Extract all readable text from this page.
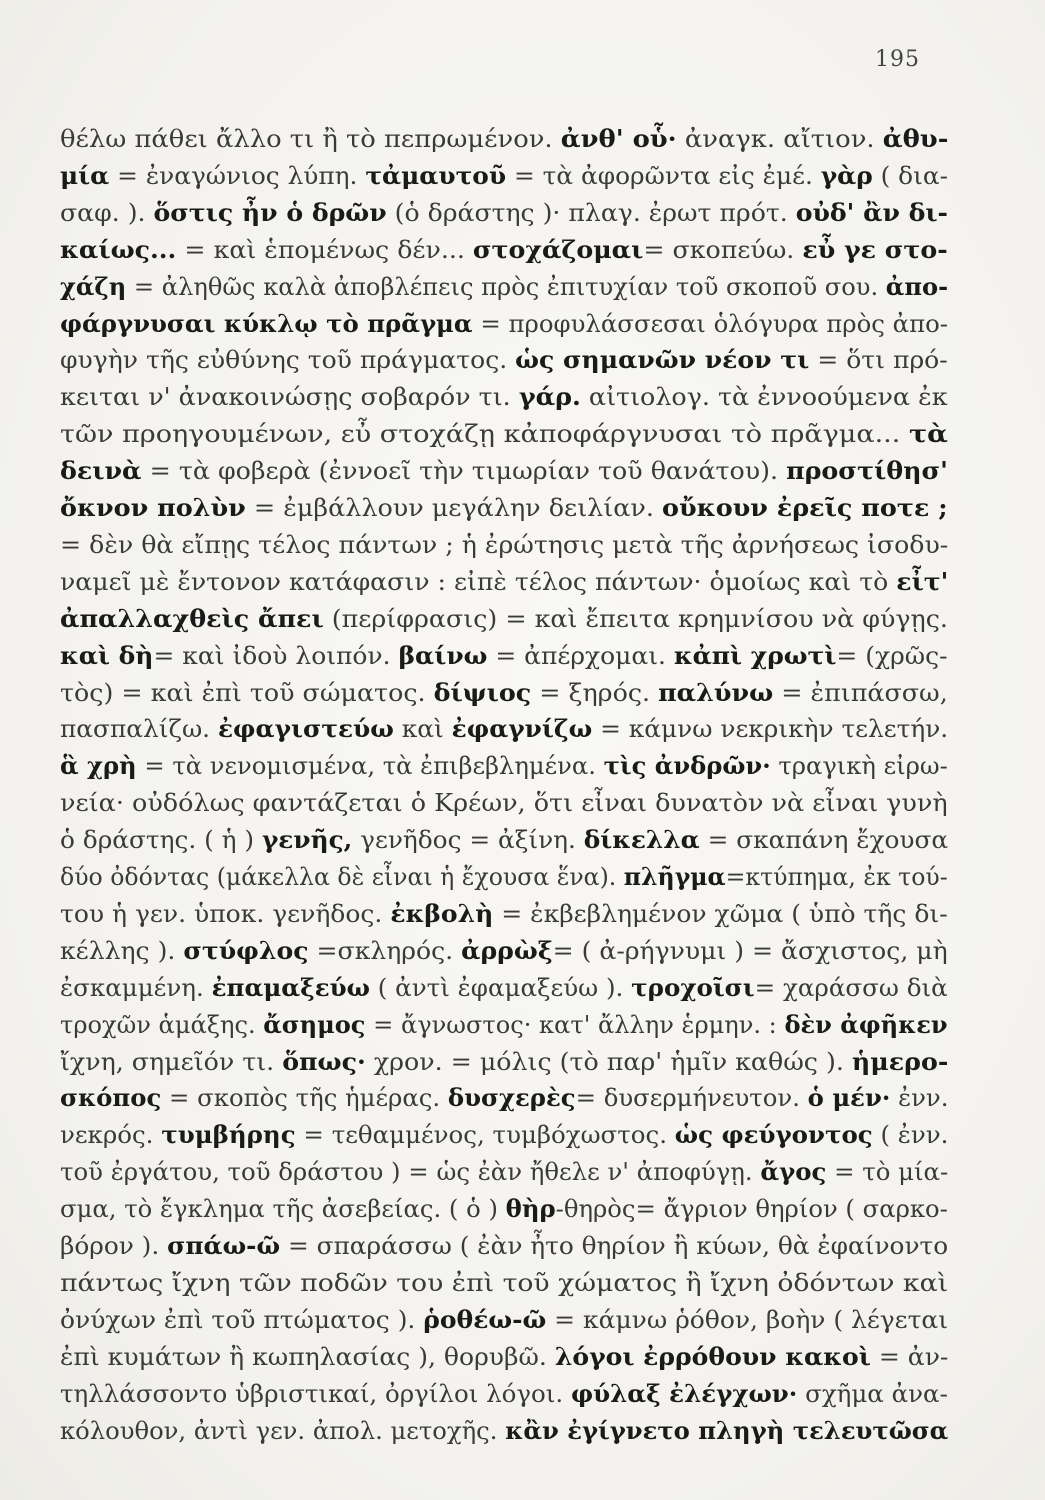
195
θέλω πάθει ἄλλο τι ἢ τὸ πεπρωμένον. ἀνθ' οὗ· ἀναγκ. αἴτιον. ἀθυ-
μία = ἐναγώνιος λύπη. τἀμαυτοῦ = τὰ ἀφορῶντα εἰς ἐμέ. γὰρ ( δια-
σαφ. ). ὅστις ἦν ὁ δρῶν (ὁ δράστης )· πλαγ. ἐρωτ πρότ. οὐδ' ἂν δι-
καίως... = καὶ ἑπομένως δέν... στοχάζομαι= σκοπεύω. εὖ γε στο-
χάζη = ἀληθῶς καλὰ ἀποβλέπεις πρὸς ἐπιτυχίαν τοῦ σκοποῦ σου. ἀπο-
φάργνυσαι κύκλῳ τὸ πρᾶγμα = προφυλάσσεσαι ὁλόγυρα πρὸς ἀπο-
φυγὴν τῆς εὐθύνης τοῦ πράγματος. ὡς σημανῶν νέον τι = ὅτι πρό-
κειται ν' ἀνακοινώσῃς σοβαρόν τι. γάρ. αἰτιολογ. τὰ ἐννοούμενα ἐκ
τῶν προηγουμένων, εὖ στοχάζῃ κἀποφάργνυσαι τὸ πρᾶγμα... τὰ
δεινὰ = τὰ φοβερὰ (ἐννοεῖ τὴν τιμωρίαν τοῦ θανάτου). προστίθησ'
ὄκνον πολὺν = ἐμβάλλουν μεγάλην δειλίαν. οὔκουν ἐρεῖς ποτε ;
= δὲν θὰ εἴπῃς τέλος πάντων ; ἡ ἐρώτησις μετὰ τῆς ἀρνήσεως ἰσοδυ-
ναμεῖ μὲ ἔντονον κατάφασιν : εἰπὲ τέλος πάντων· ὁμοίως καὶ τὸ εἶτ'
ἀπαλλαχθεὶς ἄπει (περίφρασις) = καὶ ἔπειτα κρημνίσου νὰ φύγῃς.
καὶ δὴ= καὶ ἰδοὺ λοιπόν. βαίνω = ἀπέρχομαι. κἀπὶ χρωτὶ= (χρῶς-
τὸς) = καὶ ἐπὶ τοῦ σώματος. δίψιος = ξηρός. παλύνω = ἐπιπάσσω,
πασπαλίζω. ἐφαγιστεύω καὶ ἐφαγνίζω = κάμνω νεκρικὴν τελετήν.
ἃ χρὴ = τὰ νενομισμένα, τὰ ἐπιβεβλημένα. τὶς ἀνδρῶν· τραγικὴ εἰρω-
νεία· οὐδόλως φαντάζεται ὁ Κρέων, ὅτι εἶναι δυνατὸν νὰ εἶναι γυνὴ
ὁ δράστης. ( ἡ ) γενῆς, γενῆδος = ἀξίνη. δίκελλα = σκαπάνη ἔχουσα
δύο ὀδόντας (μάκελλα δὲ εἶναι ἡ ἔχουσα ἕνα). πλῆγμα=κτύπημα, ἐκ τού-
του ἡ γεν. ὑποκ. γενῆδος. ἐκβολὴ = ἐκβεβλημένον χῶμα ( ὑπὸ τῆς δι-
κέλλης ). στύφλος =σκληρός. ἀρρὼξ= ( ἀ-ρήγνυμι ) = ἄσχιστος, μὴ
ἐσκαμμένη. ἐπαμαξεύω ( ἀντὶ ἐφαμαξεύω ). τροχοῖσι= χαράσσω διὰ
τροχῶν ἁμάξης. ἄσημος = ἄγνωστος· κατ' ἄλλην ἑρμην. : δὲν ἀφῆκεν
ἴχνη, σημεῖόν τι. ὅπως· χρον. = μόλις (τὸ παρ' ἡμῖν καθώς ). ἡμερο-
σκόπος = σκοπὸς τῆς ἡμέρας. δυσχερὲς= δυσερμήνευτον. ὁ μέν· ἐνν.
νεκρός. τυμβήρης = τεθαμμένος, τυμβόχωστος. ὡς φεύγοντος ( ἐνν.
τοῦ ἐργάτου, τοῦ δράστου ) = ὡς ἐὰν ἤθελε ν' ἀποφύγῃ. ἄγος = τὸ μία-
σμα, τὸ ἔγκλημα τῆς ἀσεβείας. ( ὁ ) θὴρ-θηρὸς= ἄγριον θηρίον ( σαρκο-
βόρον ). σπάω-ῶ = σπαράσσω ( ἐὰν ἦτο θηρίον ἢ κύων, θὰ ἐφαίνοντο
πάντως ἴχνη τῶν ποδῶν του ἐπὶ τοῦ χώματος ἢ ἴχνη ὀδόντων καὶ
ὀνύχων ἐπὶ τοῦ πτώματος ). ῥοθέω-ῶ = κάμνω ῥόθον, βοὴν ( λέγεται
ἐπὶ κυμάτων ἢ κωπηλασίας ), θορυβῶ. λόγοι ἐρρόθουν κακοὶ = ἀν-
τηλλάσσοντο ὑβριστικαί, ὀργίλοι λόγοι. φύλαξ ἐλέγχων· σχῆμα ἀνα-
κόλουθον, ἀντὶ γεν. ἀπολ. μετοχῆς. κἂν ἐγίγνετο πληγὴ τελευτῶσα
